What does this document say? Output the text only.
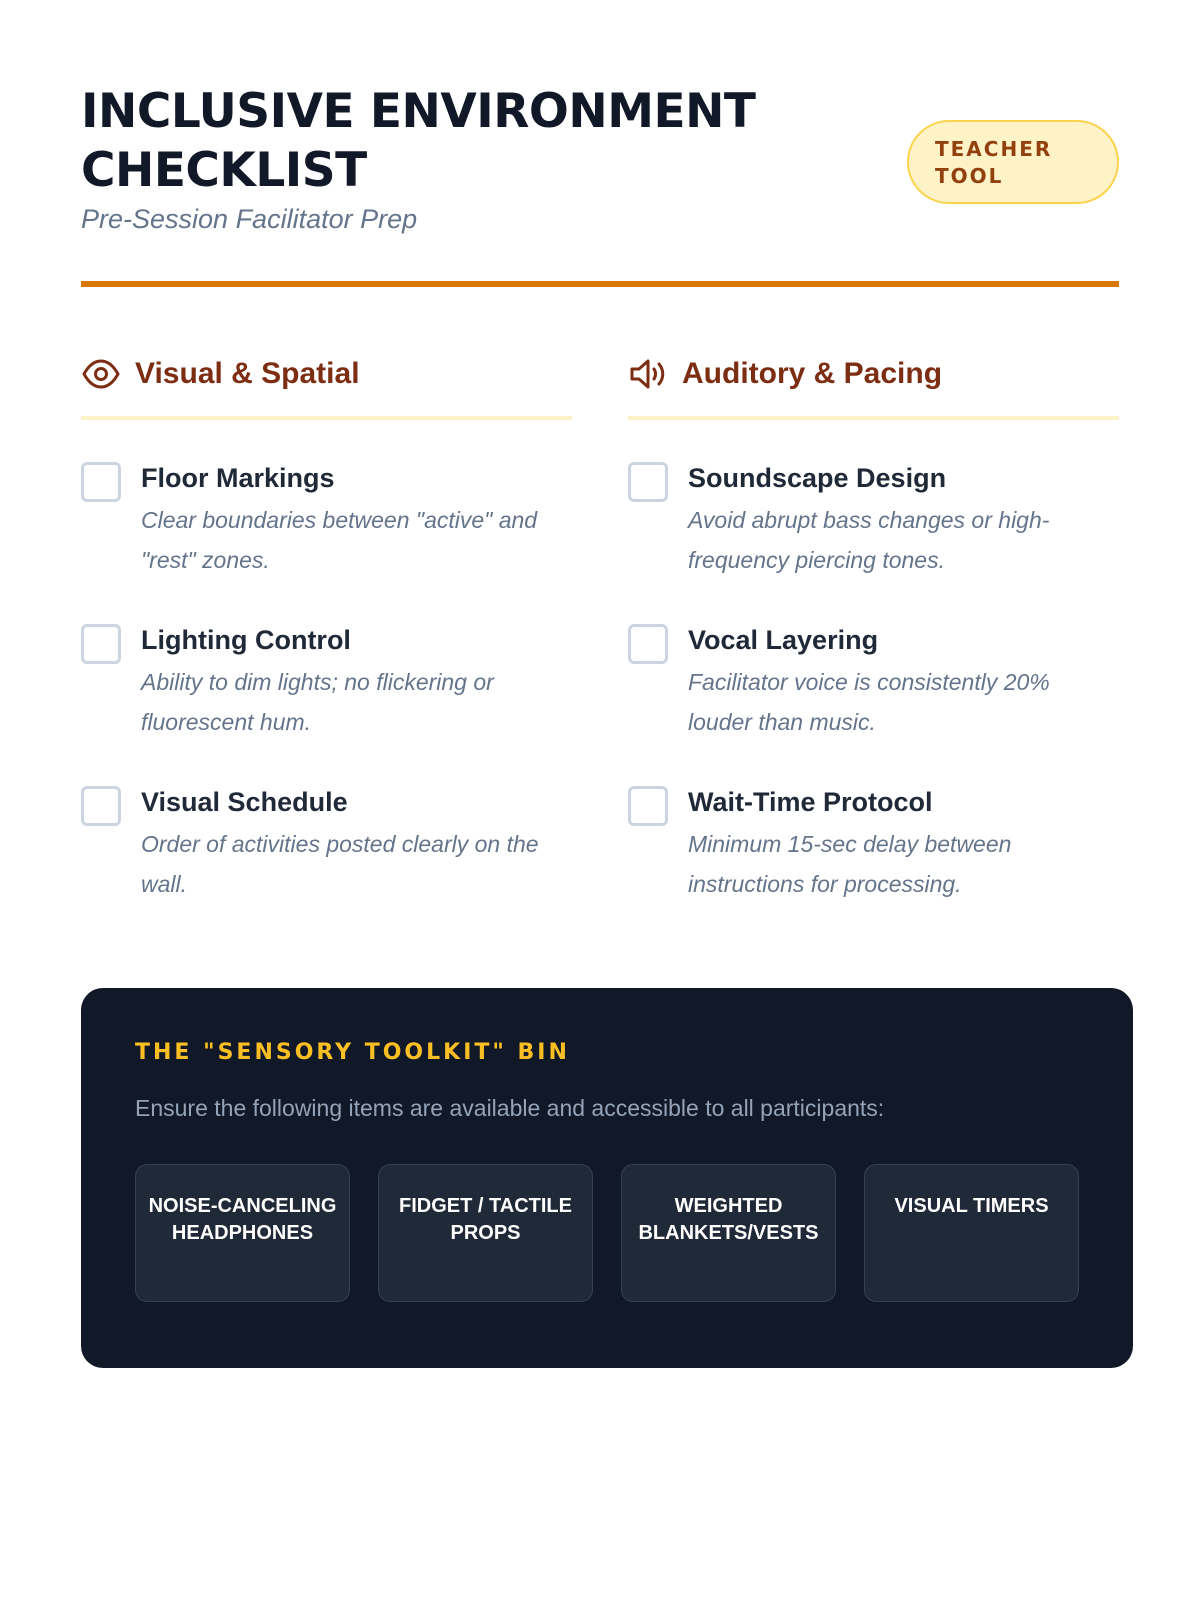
INCLUSIVE ENVIRONMENT CHECKLIST
Pre-Session Facilitator Prep
TEACHER TOOL
Visual & Spatial
Floor Markings
Clear boundaries between "active" and "rest" zones.
Lighting Control
Ability to dim lights; no flickering or fluorescent hum.
Visual Schedule
Order of activities posted clearly on the wall.
Auditory & Pacing
Soundscape Design
Avoid abrupt bass changes or high-frequency piercing tones.
Vocal Layering
Facilitator voice is consistently 20% louder than music.
Wait-Time Protocol
Minimum 15-sec delay between instructions for processing.
THE "SENSORY TOOLKIT" BIN
Ensure the following items are available and accessible to all participants:
NOISE-CANCELING HEADPHONES
FIDGET / TACTILE PROPS
WEIGHTED BLANKETS/VESTS
VISUAL TIMERS
